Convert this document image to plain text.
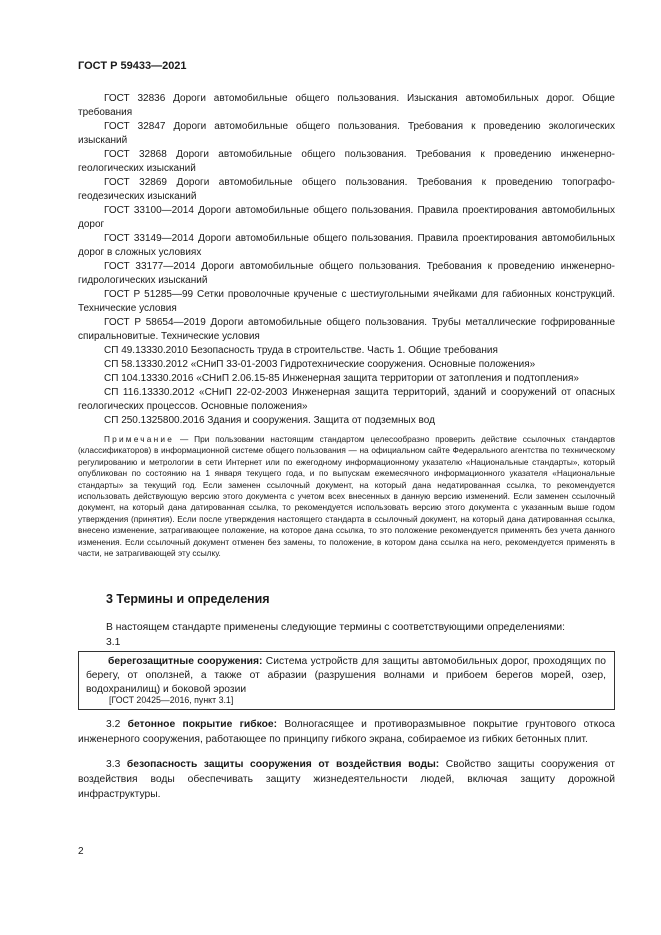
ГОСТ Р 59433—2021

ГОСТ 32836 Дороги автомобильные общего пользования. Изыскания автомобильных дорог. Общие требования

ГОСТ 32847 Дороги автомобильные общего пользования. Требования к проведению экологических изысканий

ГОСТ 32868 Дороги автомобильные общего пользования. Требования к проведению инженерно-геологических изысканий

ГОСТ 32869 Дороги автомобильные общего пользования. Требования к проведению топографо-геодезических изысканий

ГОСТ 33100—2014 Дороги автомобильные общего пользования. Правила проектирования автомобильных дорог

ГОСТ 33149—2014 Дороги автомобильные общего пользования. Правила проектирования автомобильных дорог в сложных условиях

ГОСТ 33177—2014 Дороги автомобильные общего пользования. Требования к проведению инженерно-гидрологических изысканий

ГОСТ Р 51285—99 Сетки проволочные крученые с шестиугольными ячейками для габионных конструкций. Технические условия

ГОСТ Р 58654—2019 Дороги автомобильные общего пользования. Трубы металлические гофрированные спиральновитые. Технические условия

СП 49.13330.2010 Безопасность труда в строительстве. Часть 1. Общие требования

СП 58.13330.2012 «СНиП 33-01-2003 Гидротехнические сооружения. Основные положения»

СП 104.13330.2016 «СНиП 2.06.15-85 Инженерная защита территории от затопления и подтопления»

СП 116.13330.2012 «СНиП 22-02-2003 Инженерная защита территорий, зданий и сооружений от опасных геологических процессов. Основные положения»

СП 250.1325800.2016 Здания и сооружения. Защита от подземных вод

Примечание — При пользовании настоящим стандартом целесообразно проверить действие ссылочных стандартов (классификаторов) в информационной системе общего пользования — на официальном сайте Федерального агентства по техническому регулированию и метрологии в сети Интернет или по ежегодному информационному указателю «Национальные стандарты», который опубликован по состоянию на 1 января текущего года, и по выпускам ежемесячного информационного указателя «Национальные стандарты» за текущий год. Если заменен ссылочный документ, на который дана недатированная ссылка, то рекомендуется использовать действующую версию этого документа с учетом всех внесенных в данную версию изменений. Если заменен ссылочный документ, на который дана датированная ссылка, то рекомендуется использовать версию этого документа с указанным выше годом утверждения (принятия). Если после утверждения настоящего стандарта в ссылочный документ, на который дана датированная ссылка, внесено изменение, затрагивающее положение, на которое дана ссылка, то это положение рекомендуется применять без учета данного изменения. Если ссылочный документ отменен без замены, то положение, в котором дана ссылка на него, рекомендуется применять в части, не затрагивающей эту ссылку.
3 Термины и определения
В настоящем стандарте применены следующие термины с соответствующими определениями:
3.1
берегозащитные сооружения: Система устройств для защиты автомобильных дорог, проходящих по берегу, от оползней, а также от абразии (разрушения волнами и прибоем берегов морей, озер, водохранилищ) и боковой эрозии
[ГОСТ 20425—2016, пункт 3.1]
3.2 бетонное покрытие гибкое: Волногасящее и противоразмывное покрытие грунтового откоса инженерного сооружения, работающее по принципу гибкого экрана, собираемое из гибких бетонных плит.
3.3 безопасность защиты сооружения от воздействия воды: Свойство защиты сооружения от воздействия воды обеспечивать защиту жизнедеятельности людей, включая защиту дорожной инфраструктуры.
2
